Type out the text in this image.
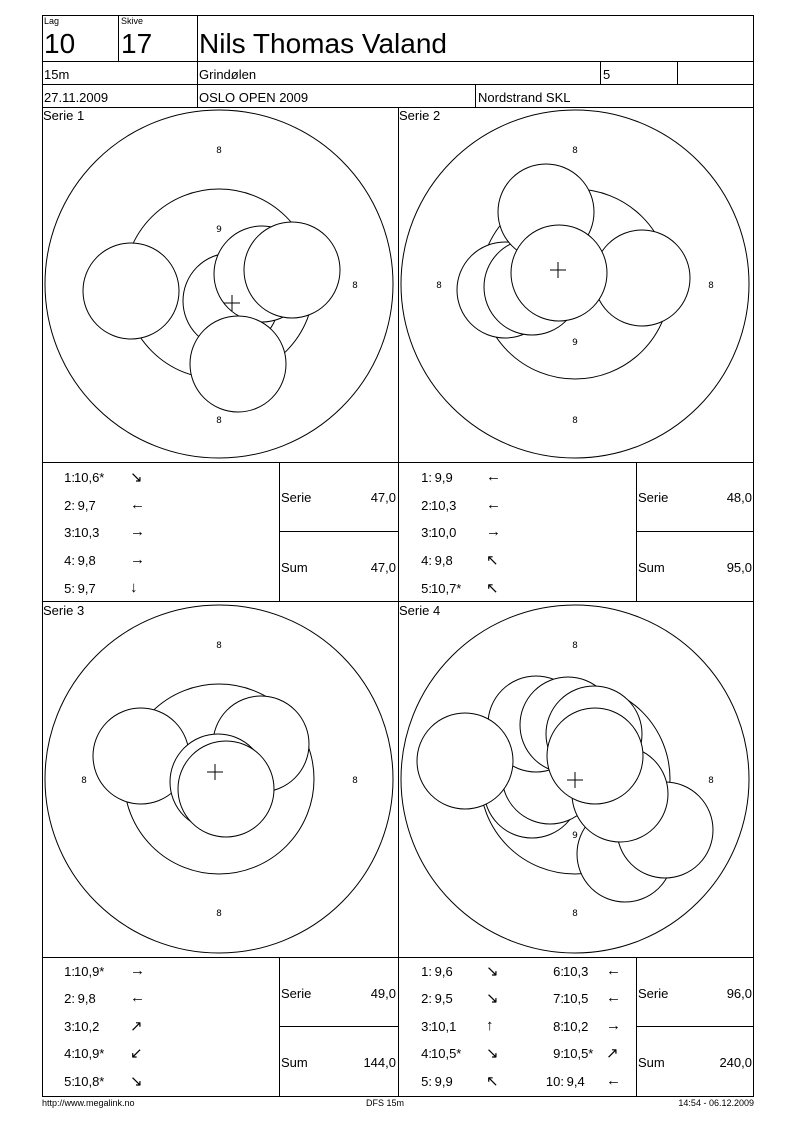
Lag
10
Skive
17 Nils Thomas Valand
15m	Grindølen	5
27.11.2009	OSLO OPEN 2009	Nordstrand SKL
8
8
8
9
8
8
8	8
9
8
8
8	8
8
8
8
9
Serie 1	Serie 2
Serie 3	Serie 4
1: 10,6* ↘
2: 9,7 ←
3: 10,3 →
4: 9,8 →
5: 9,7 ↓
Serie	47,0
Sum	47,0
1: 9,9 ←
2: 10,3 ←
3: 10,0 →
4: 9,8 ↖
5: 10,7* ↖
Serie	48,0
Sum	95,0
1: 10,9* →
2: 9,8 ←
3: 10,2 ↗
4: 10,9* ↙
5: 10,8* ↘
Serie	49,0
Sum	144,0
1: 9,6 ↘
2: 9,5 ↘
3: 10,1 ↑
4: 10,5* ↘
5: 9,9 ↖
6: 10,3 ←
7: 10,5 ←
8: 10,2 →
9: 10,5* ↗
10: 9,4 ←
Serie	96,0
Sum	240,0
http://www.megalink.no	DFS 15m	14:54 - 06.12.2009
